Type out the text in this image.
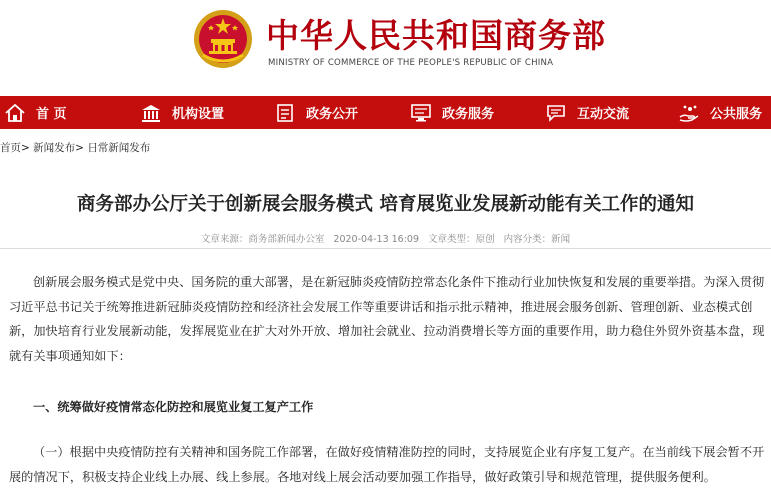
中华人民共和国商务部
MINISTRY OF COMMERCE OF THE PEOPLE'S REPUBLIC OF CHINA
首 页	机构设置	政务公开	政务服务	互动交流	公共服务
首页> 新闻发布> 日常新闻发布
商务部办公厅关于创新展会服务模式 培育展览业发展新动能有关工作的通知
文章来源：商务部新闻办公室 2020-04-13 16:09 文章类型：原创 内容分类：新闻

创新展会服务模式是党中央、国务院的重大部署，是在新冠肺炎疫情防控常态化条件下推动行业加快恢复和发展的重要举措。为深入贯彻习近平总书记关于统筹推进新冠肺炎疫情防控和经济社会发展工作等重要讲话和指示批示精神，推进展会服务创新、管理创新、业态模式创新，加快培育行业发展新动能，发挥展览业在扩大对外开放、增加社会就业、拉动消费增长等方面的重要作用，助力稳住外贸外资基本盘，现就有关事项通知如下：

一、统筹做好疫情常态化防控和展览业复工复产工作

（一）根据中央疫情防控有关精神和国务院工作部署，在做好疫情精准防控的同时，支持展览企业有序复工复产。在当前线下展会暂不开展的情况下，积极支持企业线上办展、线上参展。各地对线上展会活动要加强工作指导，做好政策引导和规范管理，提供服务便利。
